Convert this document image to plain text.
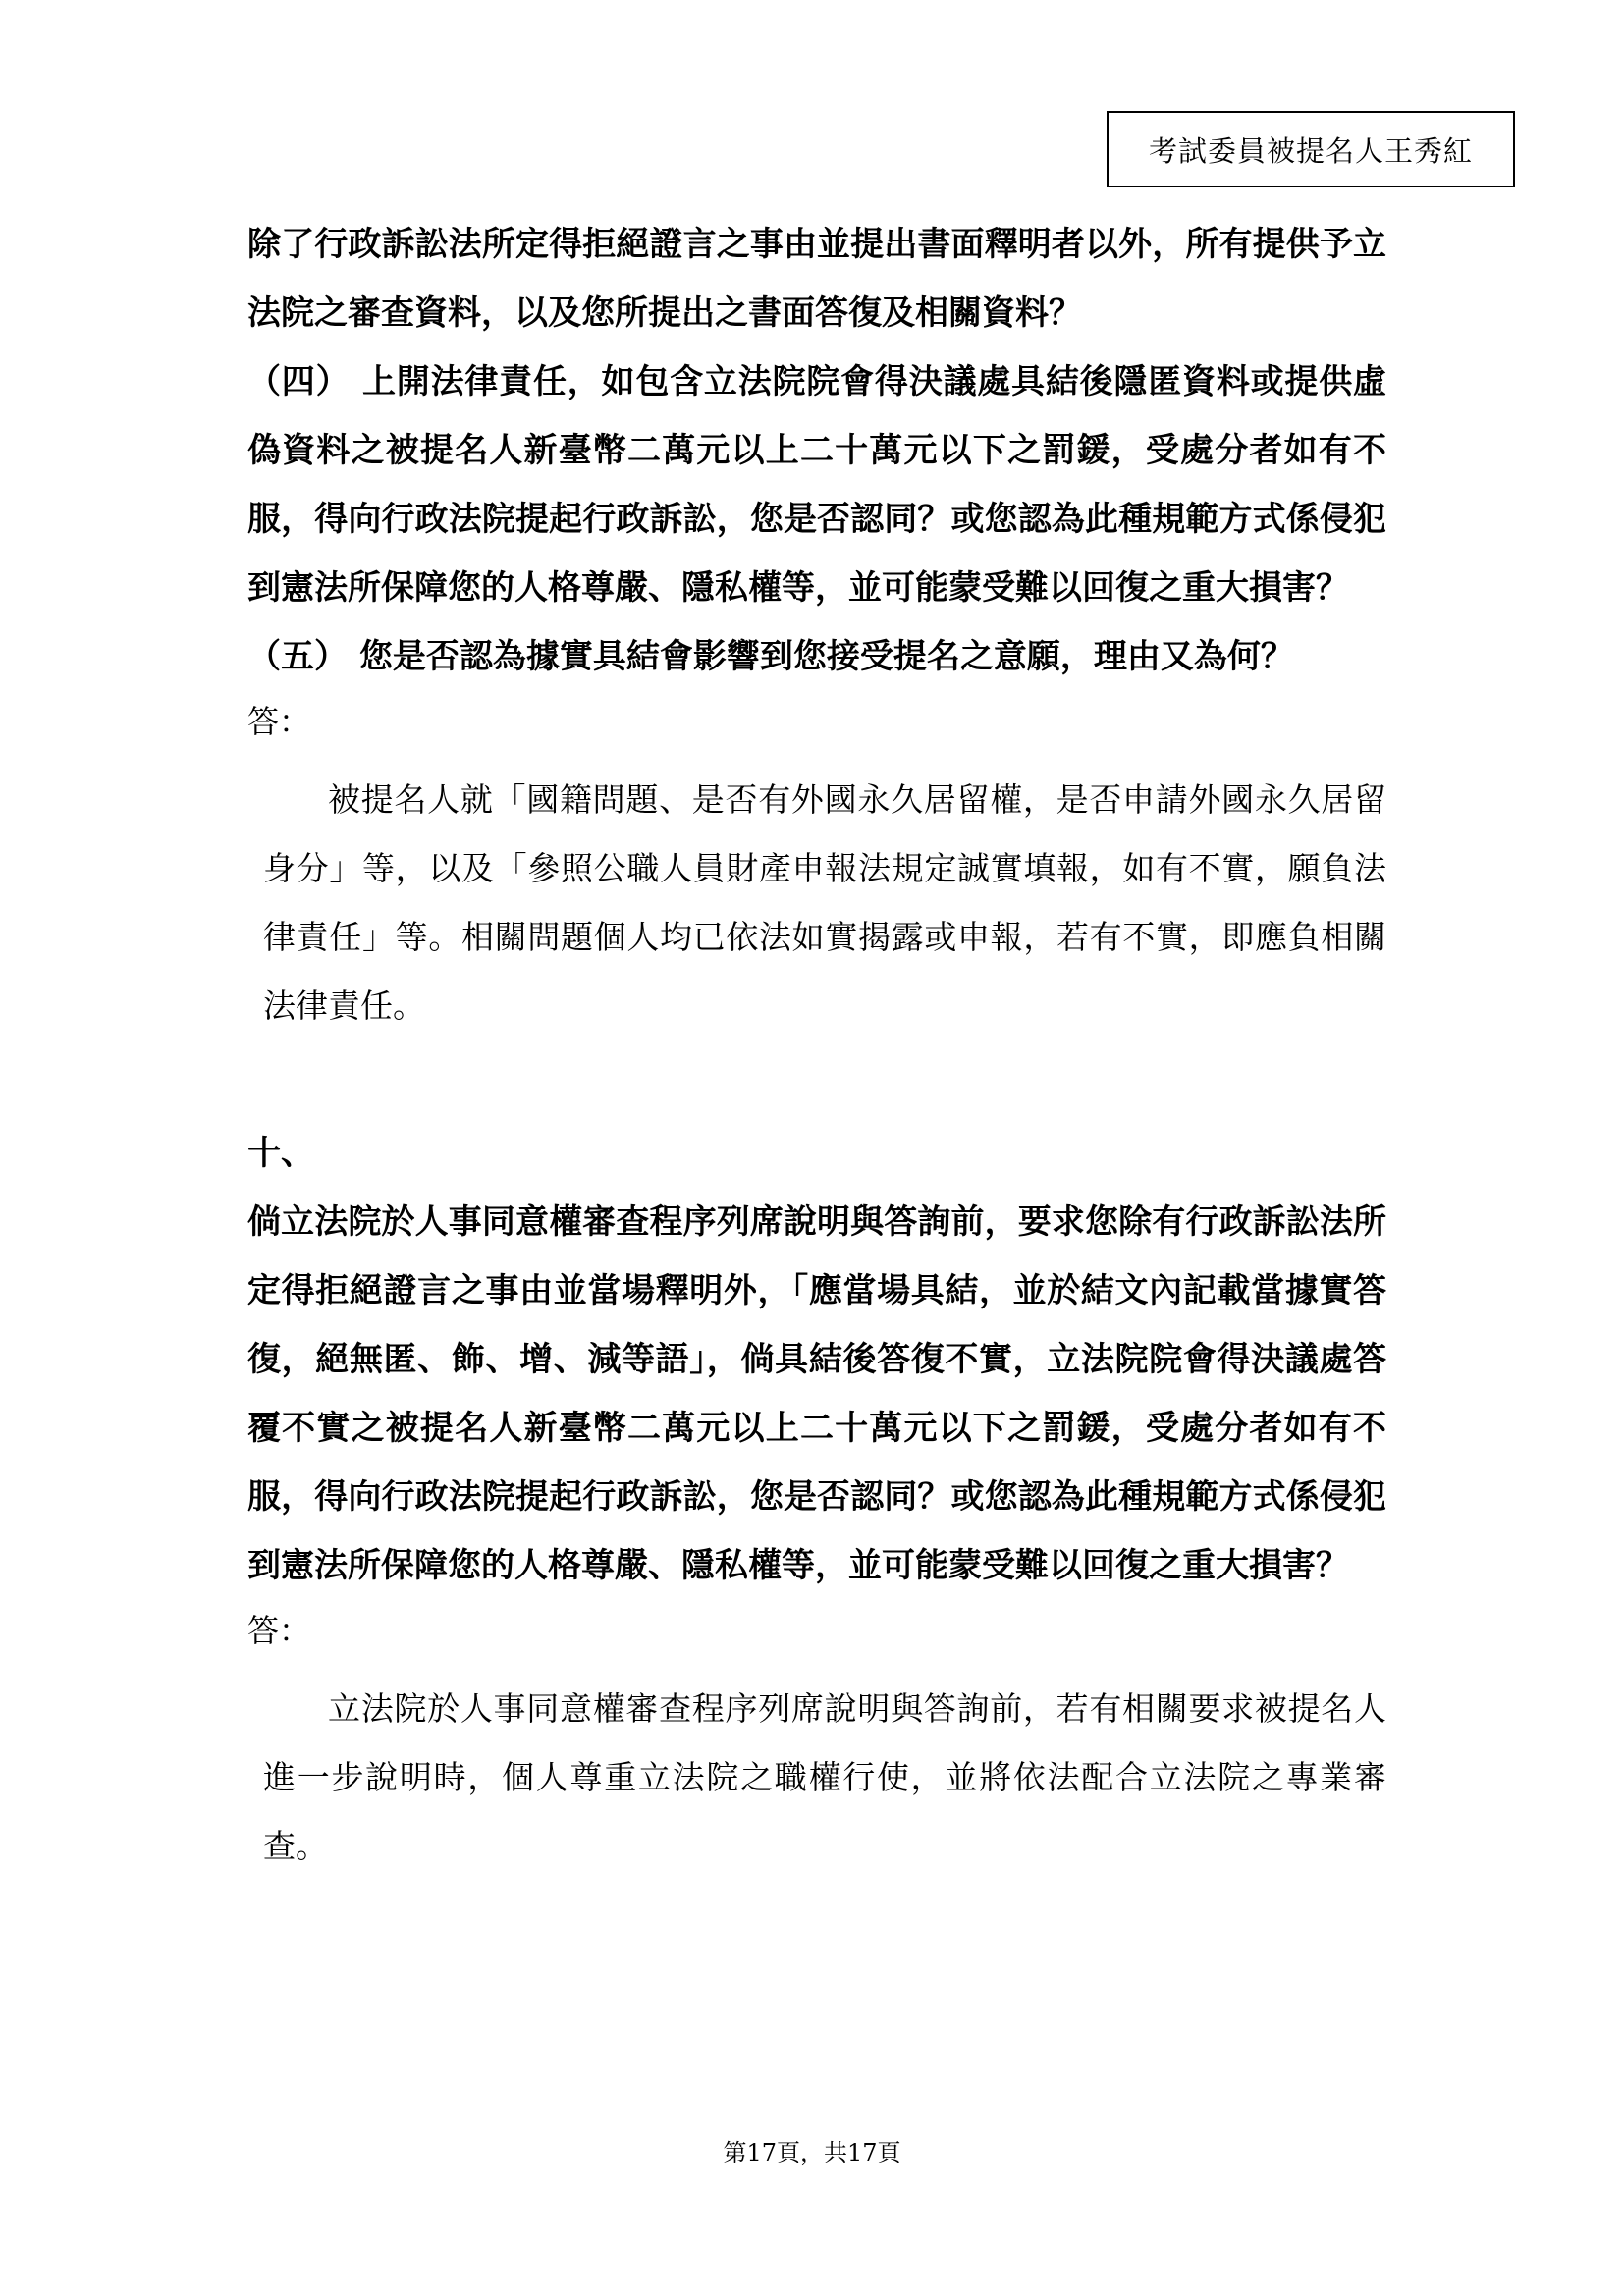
考試委員被提名人王秀紅

除了行政訴訟法所定得拒絕證言之事由並提出書面釋明者以外，所有提供予立法院之審查資料，以及您所提出之書面答復及相關資料？

（四） 上開法律責任，如包含立法院院會得決議處具結後隱匿資料或提供虛偽資料之被提名人新臺幣二萬元以上二十萬元以下之罰鍰，受處分者如有不服，得向行政法院提起行政訴訟，您是否認同？或您認為此種規範方式係侵犯到憲法所保障您的人格尊嚴、隱私權等，並可能蒙受難以回復之重大損害？

（五） 您是否認為據實具結會影響到您接受提名之意願，理由又為何？

答：

被提名人就「國籍問題、是否有外國永久居留權，是否申請外國永久居留身分」等，以及「參照公職人員財產申報法規定誠實填報，如有不實，願負法律責任」等。相關問題個人均已依法如實揭露或申報，若有不實，即應負相關法律責任。

十、

倘立法院於人事同意權審查程序列席說明與答詢前，要求您除有行政訴訟法所定得拒絕證言之事由並當場釋明外，「應當場具結，並於結文內記載當據實答復，絕無匿、飾、增、減等語」，倘具結後答復不實，立法院院會得決議處答覆不實之被提名人新臺幣二萬元以上二十萬元以下之罰鍰，受處分者如有不服，得向行政法院提起行政訴訟，您是否認同？或您認為此種規範方式係侵犯到憲法所保障您的人格尊嚴、隱私權等，並可能蒙受難以回復之重大損害？

答：

立法院於人事同意權審查程序列席說明與答詢前，若有相關要求被提名人進一步說明時，個人尊重立法院之職權行使，並將依法配合立法院之專業審查。

第17頁，共17頁
